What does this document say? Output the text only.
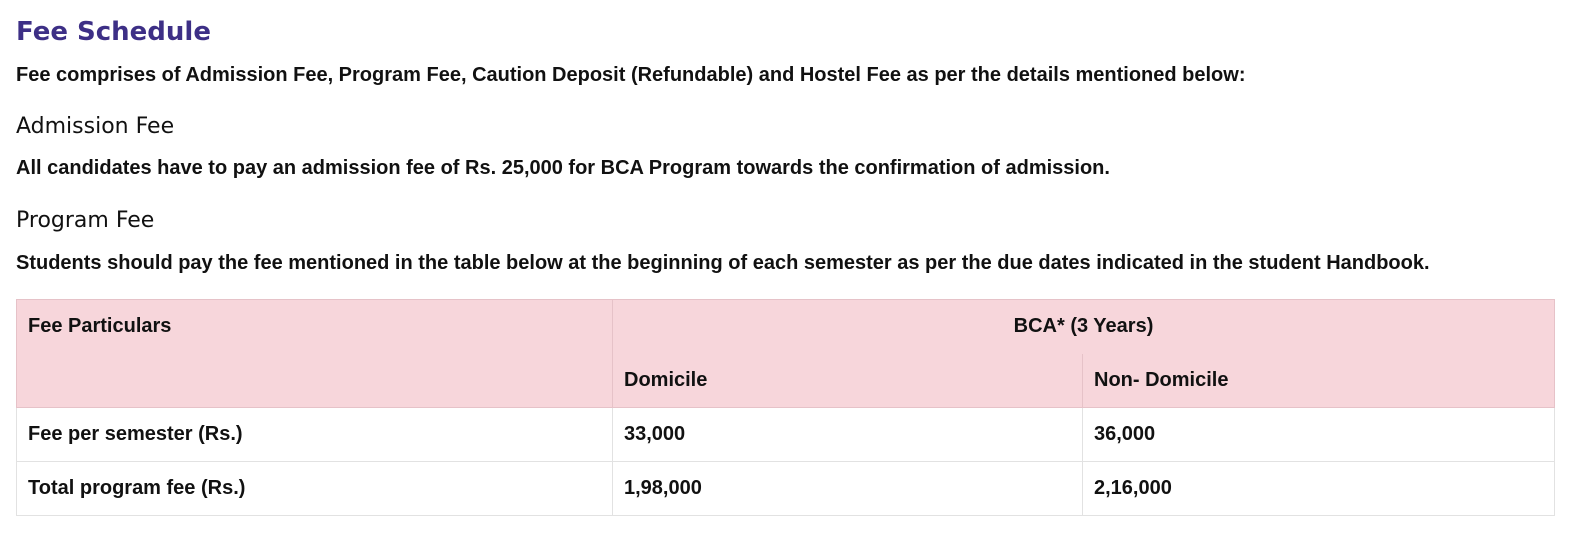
Fee Schedule

Fee comprises of Admission Fee, Program Fee, Caution Deposit (Refundable) and Hostel Fee as per the details mentioned below:

Admission Fee

All candidates have to pay an admission fee of Rs. 25,000 for BCA Program towards the confirmation of admission.

Program Fee

Students should pay the fee mentioned in the table below at the beginning of each semester as per the due dates indicated in the student Handbook.

Fee Particulars	BCA* (3 Years)	
	Domicile	Non- Domicile
Fee per semester (Rs.)	33,000	36,000
Total program fee (Rs.)	1,98,000	2,16,000
